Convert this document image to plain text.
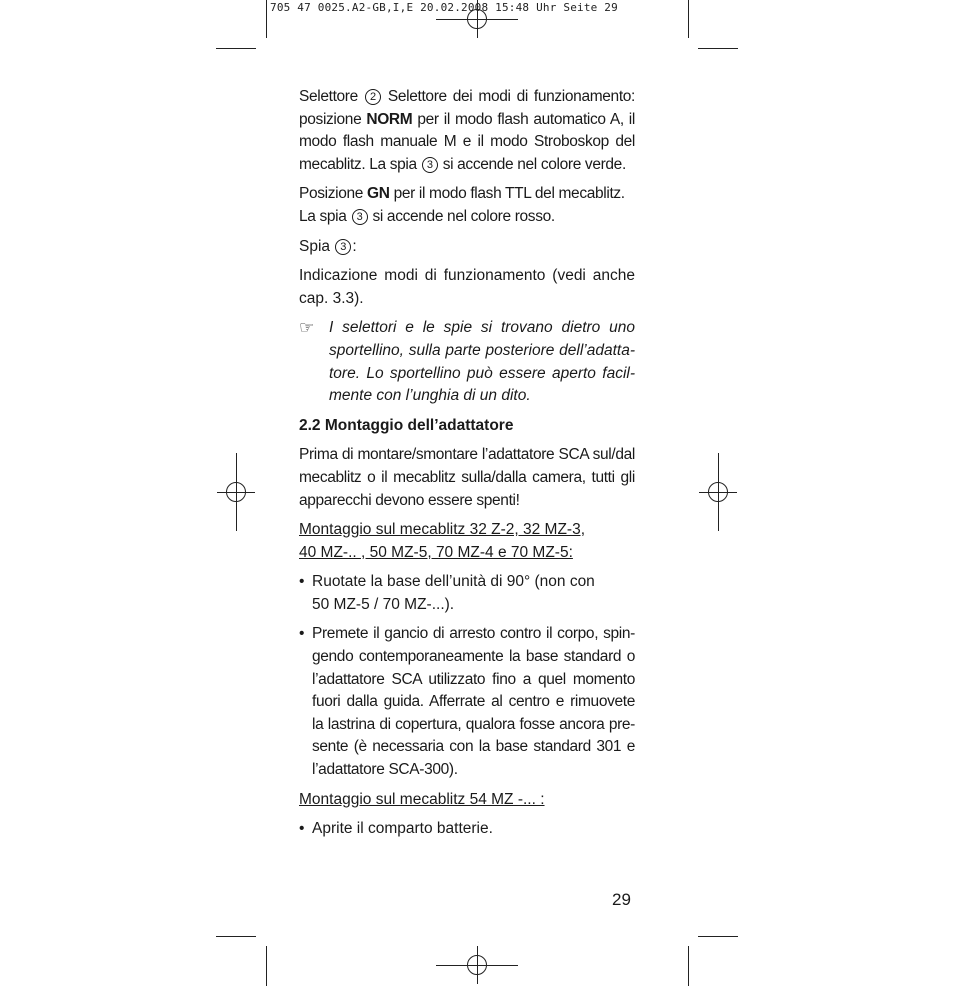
705 47 0025.A2-GB,I,E 20.02.2008 15:48 Uhr Seite 29

Selettore 2 Selettore dei modi di funzionamento: posizione NORM per il modo flash automatico A, il modo flash manuale M e il modo Stroboskop del mecablitz. La spia 3 si accende nel colore verde.

Posizione GN per il modo flash TTL del mecablitz. La spia 3 si accende nel colore rosso.

Spia 3 :

Indicazione modi di funzionamento (vedi anche cap. 3.3).

☞ I selettori e le spie si trovano dietro uno sportellino, sulla parte posteriore dell’adatta-tore. Lo sportellino può essere aperto facil-mente con l’unghia di un dito.

2.2 Montaggio dell’adattatore

Prima di montare/smontare l’adattatore SCA sul/dal mecablitz o il mecablitz sulla/dalla camera, tutti gli apparecchi devono essere spenti!

Montaggio sul mecablitz 32 Z-2, 32 MZ-3,
40 MZ-.. , 50 MZ-5, 70 MZ-4 e 70 MZ-5:

• Ruotate la base dell’unità di 90° (non con
50 MZ-5 / 70 MZ-...).

• Premete il gancio di arresto contro il corpo, spin-gendo contemporaneamente la base standard o l’adattatore SCA utilizzato fino a quel momento fuori dalla guida. Afferrate al centro e rimuovete la lastrina di copertura, qualora fosse ancora pre-sente (è necessaria con la base standard 301 e l’adattatore SCA-300).

Montaggio sul mecablitz 54 MZ -... :

• Aprite il comparto batterie.

29
